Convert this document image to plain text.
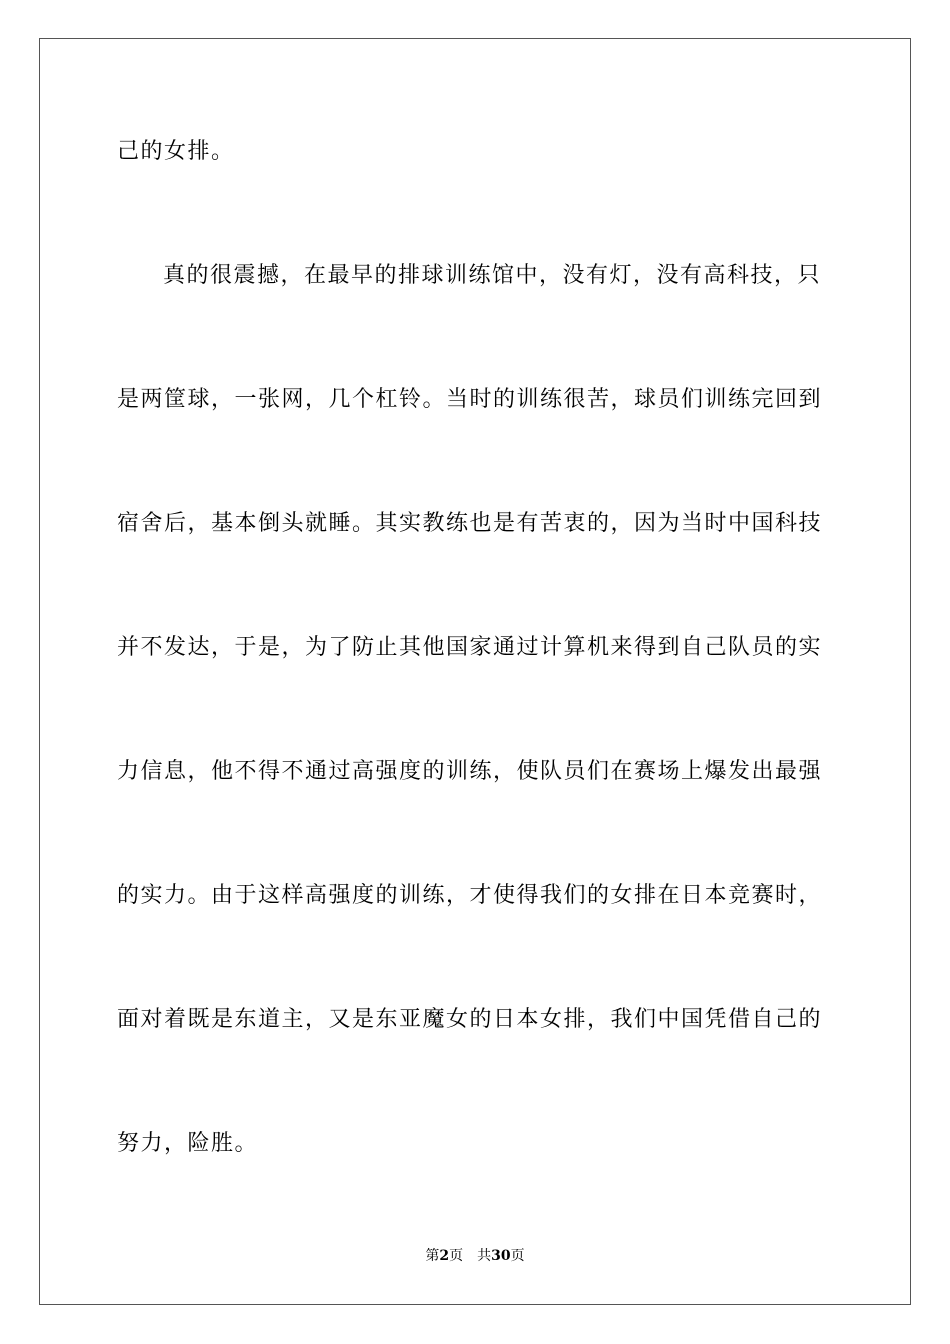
己的女排。
真的很震撼，在最早的排球训练馆中，没有灯，没有高科技，只
是两筐球，一张网，几个杠铃。当时的训练很苦，球员们训练完回到
宿舍后，基本倒头就睡。其实教练也是有苦衷的，因为当时中国科技
并不发达，于是，为了防止其他国家通过计算机来得到自己队员的实
力信息，他不得不通过高强度的训练，使队员们在赛场上爆发出最强
的实力。由于这样高强度的训练，才使得我们的女排在日本竞赛时，
面对着既是东道主，又是东亚魔女的日本女排，我们中国凭借自己的
努力，险胜。
第2页 共30页
